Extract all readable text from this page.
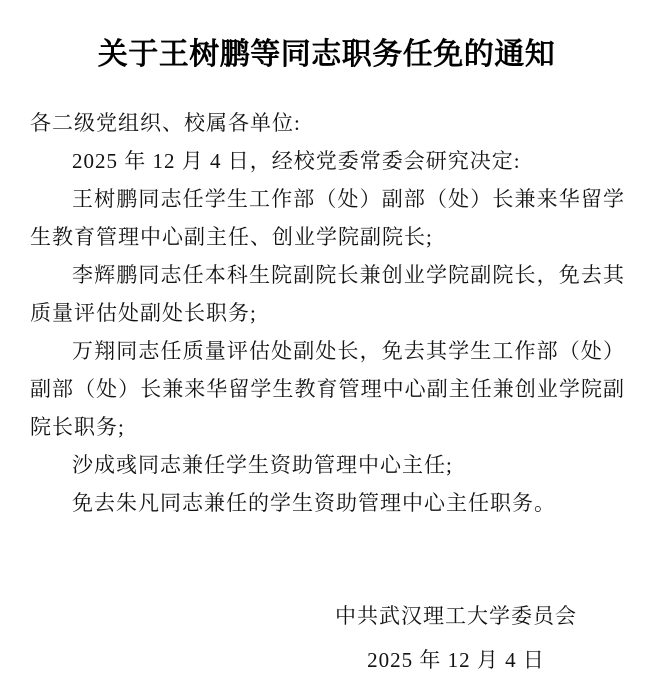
关于王树鹏等同志职务任免的通知

各二级党组织、校属各单位:

2025 年 12 月 4 日，经校党委常委会研究决定:

王树鹏同志任学生工作部（处）副部（处）长兼来华留学生教育管理中心副主任、创业学院副院长;

李辉鹏同志任本科生院副院长兼创业学院副院长，免去其质量评估处副处长职务;

万翔同志任质量评估处副处长，免去其学生工作部（处）副部（处）长兼来华留学生教育管理中心副主任兼创业学院副院长职务;

沙成彧同志兼任学生资助管理中心主任;

免去朱凡同志兼任的学生资助管理中心主任职务。

中共武汉理工大学委员会
2025 年 12 月 4 日
